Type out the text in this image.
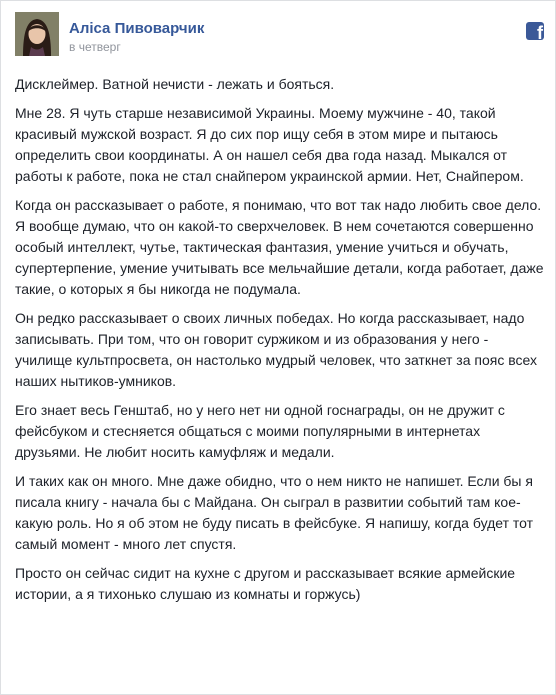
Аліса Пивоварчик
в четверг
f

Дисклеймер. Ватной нечисти - лежать и бояться.

Мне 28. Я чуть старше независимой Украины. Моему мужчине - 40, такой красивый мужской возраст. Я до сих пор ищу себя в этом мире и пытаюсь определить свои координаты. А он нашел себя два года назад. Мыкался от работы к работе, пока не стал снайпером украинской армии. Нет, Снайпером.

Когда он рассказывает о работе, я понимаю, что вот так надо любить свое дело. Я вообще думаю, что он какой-то сверхчеловек. В нем сочетаются совершенно особый интеллект, чутье, тактическая фантазия, умение учиться и обучать, супертерпение, умение учитывать все мельчайшие детали, когда работает, даже такие, о которых я бы никогда не подумала.

Он редко рассказывает о своих личных победах. Но когда рассказывает, надо записывать. При том, что он говорит суржиком и из образования у него - училище культпросвета, он настолько мудрый человек, что заткнет за пояс всех наших нытиков-умников.

Его знает весь Генштаб, но у него нет ни одной госнаграды, он не дружит с фейсбуком и стесняется общаться с моими популярными в интернетах друзьями. Не любит носить камуфляж и медали.

И таких как он много. Мне даже обидно, что о нем никто не напишет. Если бы я писала книгу - начала бы с Майдана. Он сыграл в развитии событий там кое-какую роль. Но я об этом не буду писать в фейсбуке. Я напишу, когда будет тот самый момент - много лет спустя.

Просто он сейчас сидит на кухне с другом и рассказывает всякие армейские истории, а я тихонько слушаю из комнаты и горжусь)
